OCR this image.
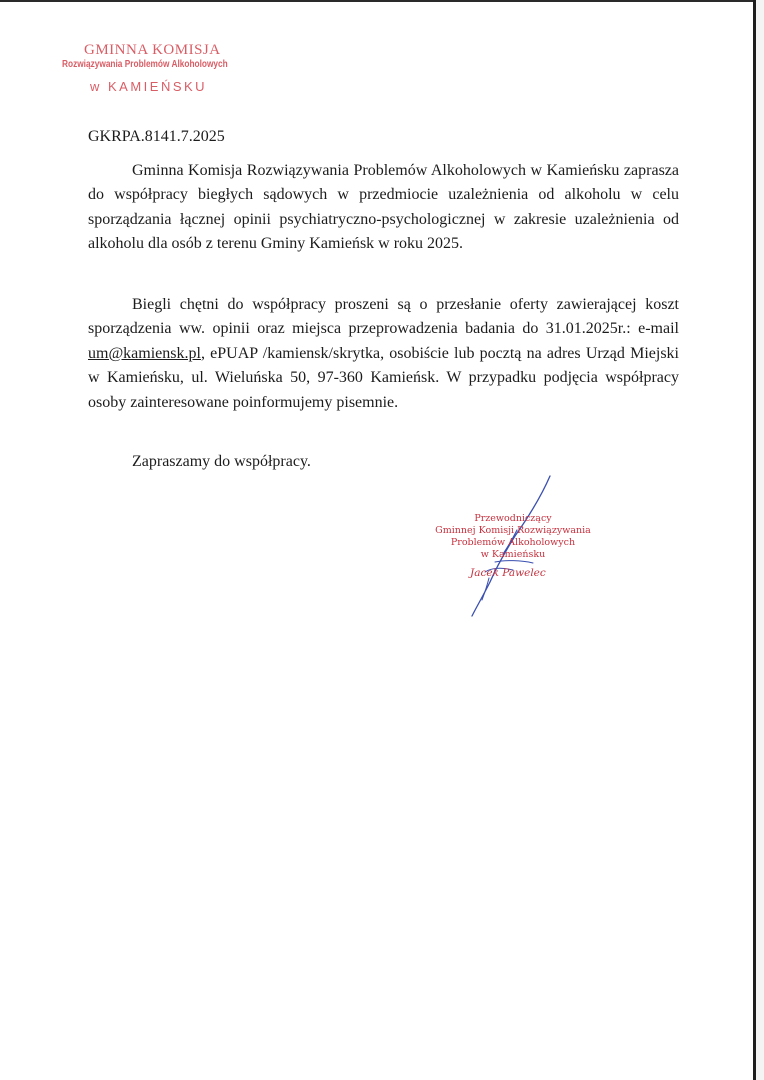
GMINNA KOMISJA
Rozwiązywania Problemów Alkoholowych
w KAMIEŃSKU
GKRPA.8141.7.2025

Gminna Komisja Rozwiązywania Problemów Alkoholowych w Kamieńsku zaprasza do współpracy biegłych sądowych w przedmiocie uzależnienia od alkoholu w celu sporządzania łącznej opinii psychiatryczno-psychologicznej w zakresie uzależnienia od alkoholu dla osób z terenu Gminy Kamieńsk w roku 2025.

Biegli chętni do współpracy proszeni są o przesłanie oferty zawierającej koszt sporządzenia ww. opinii oraz miejsca przeprowadzenia badania do 31.01.2025r.: e-mail um@kamiensk.pl, ePUAP /kamiensk/skrytka, osobiście lub pocztą na adres Urząd Miejski w Kamieńsku, ul. Wieluńska 50, 97-360 Kamieńsk. W przypadku podjęcia współpracy osoby zainteresowane poinformujemy pisemnie.

Zapraszamy do współpracy.
Przewodniczący
Gminnej Komisji Rozwiązywania
Problemów Alkoholowych
w Kamieńsku
Jacek Pawelec
